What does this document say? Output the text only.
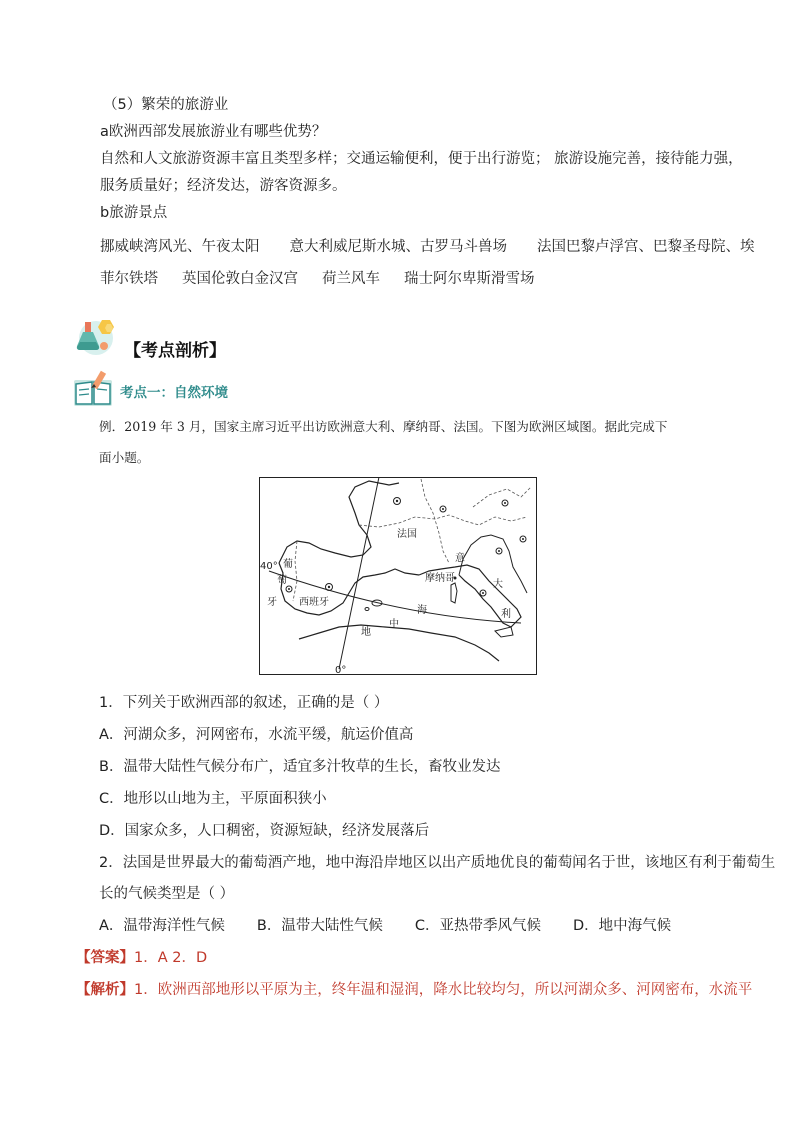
（5）繁荣的旅游业
a欧洲西部发展旅游业有哪些优势？
自然和人文旅游资源丰富且类型多样；交通运输便利，便于出行游览； 旅游设施完善，接待能力强，
服务质量好；经济发达，游客资源多。
b旅游景点
挪威峡湾风光、午夜太阳 意大利威尼斯水城、古罗马斗兽场 法国巴黎卢浮宫、巴黎圣母院、埃
菲尔铁塔 英国伦敦白金汉宫 荷兰风车 瑞士阿尔卑斯滑雪场
【考点剖析】
考点一：自然环境
例．2019 年 3 月，国家主席习近平出访欧洲意大利、摩纳哥、法国。下图为欧洲区域图。据此完成下
面小题。
法国
意
大
利
摩纳哥
葡
萄
牙 西班牙
地
中
海
40°
0°
1．下列关于欧洲西部的叙述，正确的是（ ）
A．河湖众多，河网密布，水流平缓，航运价值高
B．温带大陆性气候分布广，适宜多汁牧草的生长，畜牧业发达
C．地形以山地为主，平原面积狭小
D．国家众多，人口稠密，资源短缺，经济发展落后
2．法国是世界最大的葡萄酒产地，地中海沿岸地区以出产质地优良的葡萄闻名于世，该地区有利于葡萄生
长的气候类型是（ ）
A．温带海洋性气候 B．温带大陆性气候 C．亚热带季风气候 D．地中海气候
【答案】1．A 2．D
【解析】1．欧洲西部地形以平原为主，终年温和湿润，降水比较均匀，所以河湖众多、河网密布，水流平
